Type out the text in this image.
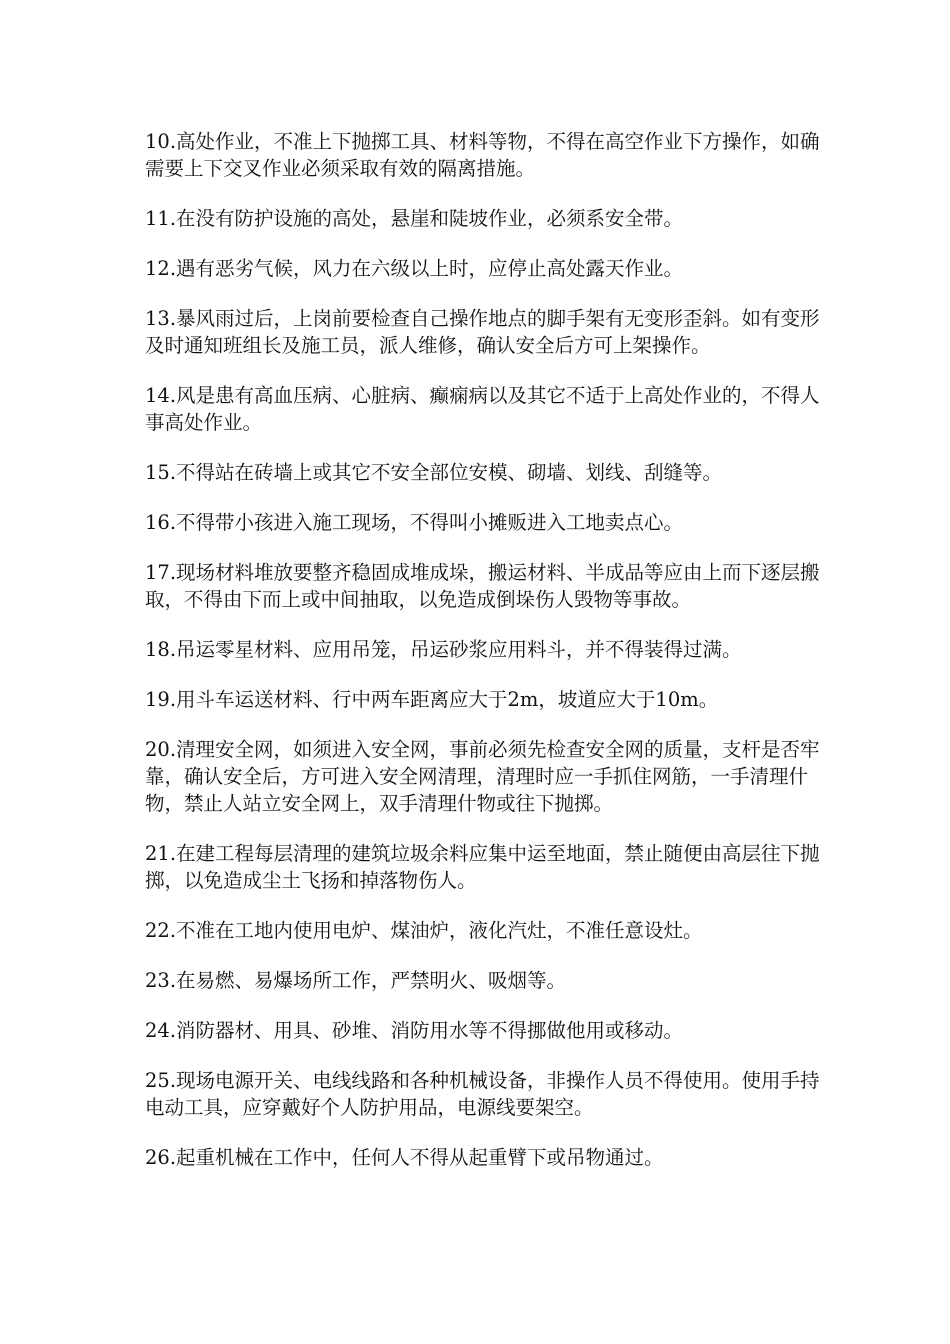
10.高处作业，不准上下抛掷工具、材料等物，不得在高空作业下方操作，如确需要上下交叉作业必须采取有效的隔离措施。

11.在没有防护设施的高处，悬崖和陡坡作业，必须系安全带。

12.遇有恶劣气候，风力在六级以上时，应停止高处露天作业。

13.暴风雨过后，上岗前要检查自己操作地点的脚手架有无变形歪斜。如有变形及时通知班组长及施工员，派人维修，确认安全后方可上架操作。

14.风是患有高血压病、心脏病、癫痫病以及其它不适于上高处作业的，不得人事高处作业。

15.不得站在砖墙上或其它不安全部位安模、砌墙、划线、刮缝等。

16.不得带小孩进入施工现场，不得叫小摊贩进入工地卖点心。

17.现场材料堆放要整齐稳固成堆成垛，搬运材料、半成品等应由上而下逐层搬取，不得由下而上或中间抽取，以免造成倒垛伤人毁物等事故。

18.吊运零星材料、应用吊笼，吊运砂浆应用料斗，并不得装得过满。

19.用斗车运送材料、行中两车距离应大于2m，坡道应大于10m。

20.清理安全网，如须进入安全网，事前必须先检查安全网的质量，支杆是否牢靠，确认安全后，方可进入安全网清理，清理时应一手抓住网筋，一手清理什物，禁止人站立安全网上，双手清理什物或往下抛掷。

21.在建工程每层清理的建筑垃圾余料应集中运至地面，禁止随便由高层往下抛掷，以免造成尘土飞扬和掉落物伤人。

22.不准在工地内使用电炉、煤油炉，液化汽灶，不准任意设灶。

23.在易燃、易爆场所工作，严禁明火、吸烟等。

24.消防器材、用具、砂堆、消防用水等不得挪做他用或移动。

25.现场电源开关、电线线路和各种机械设备，非操作人员不得使用。使用手持电动工具，应穿戴好个人防护用品，电源线要架空。

26.起重机械在工作中，任何人不得从起重臂下或吊物通过。
